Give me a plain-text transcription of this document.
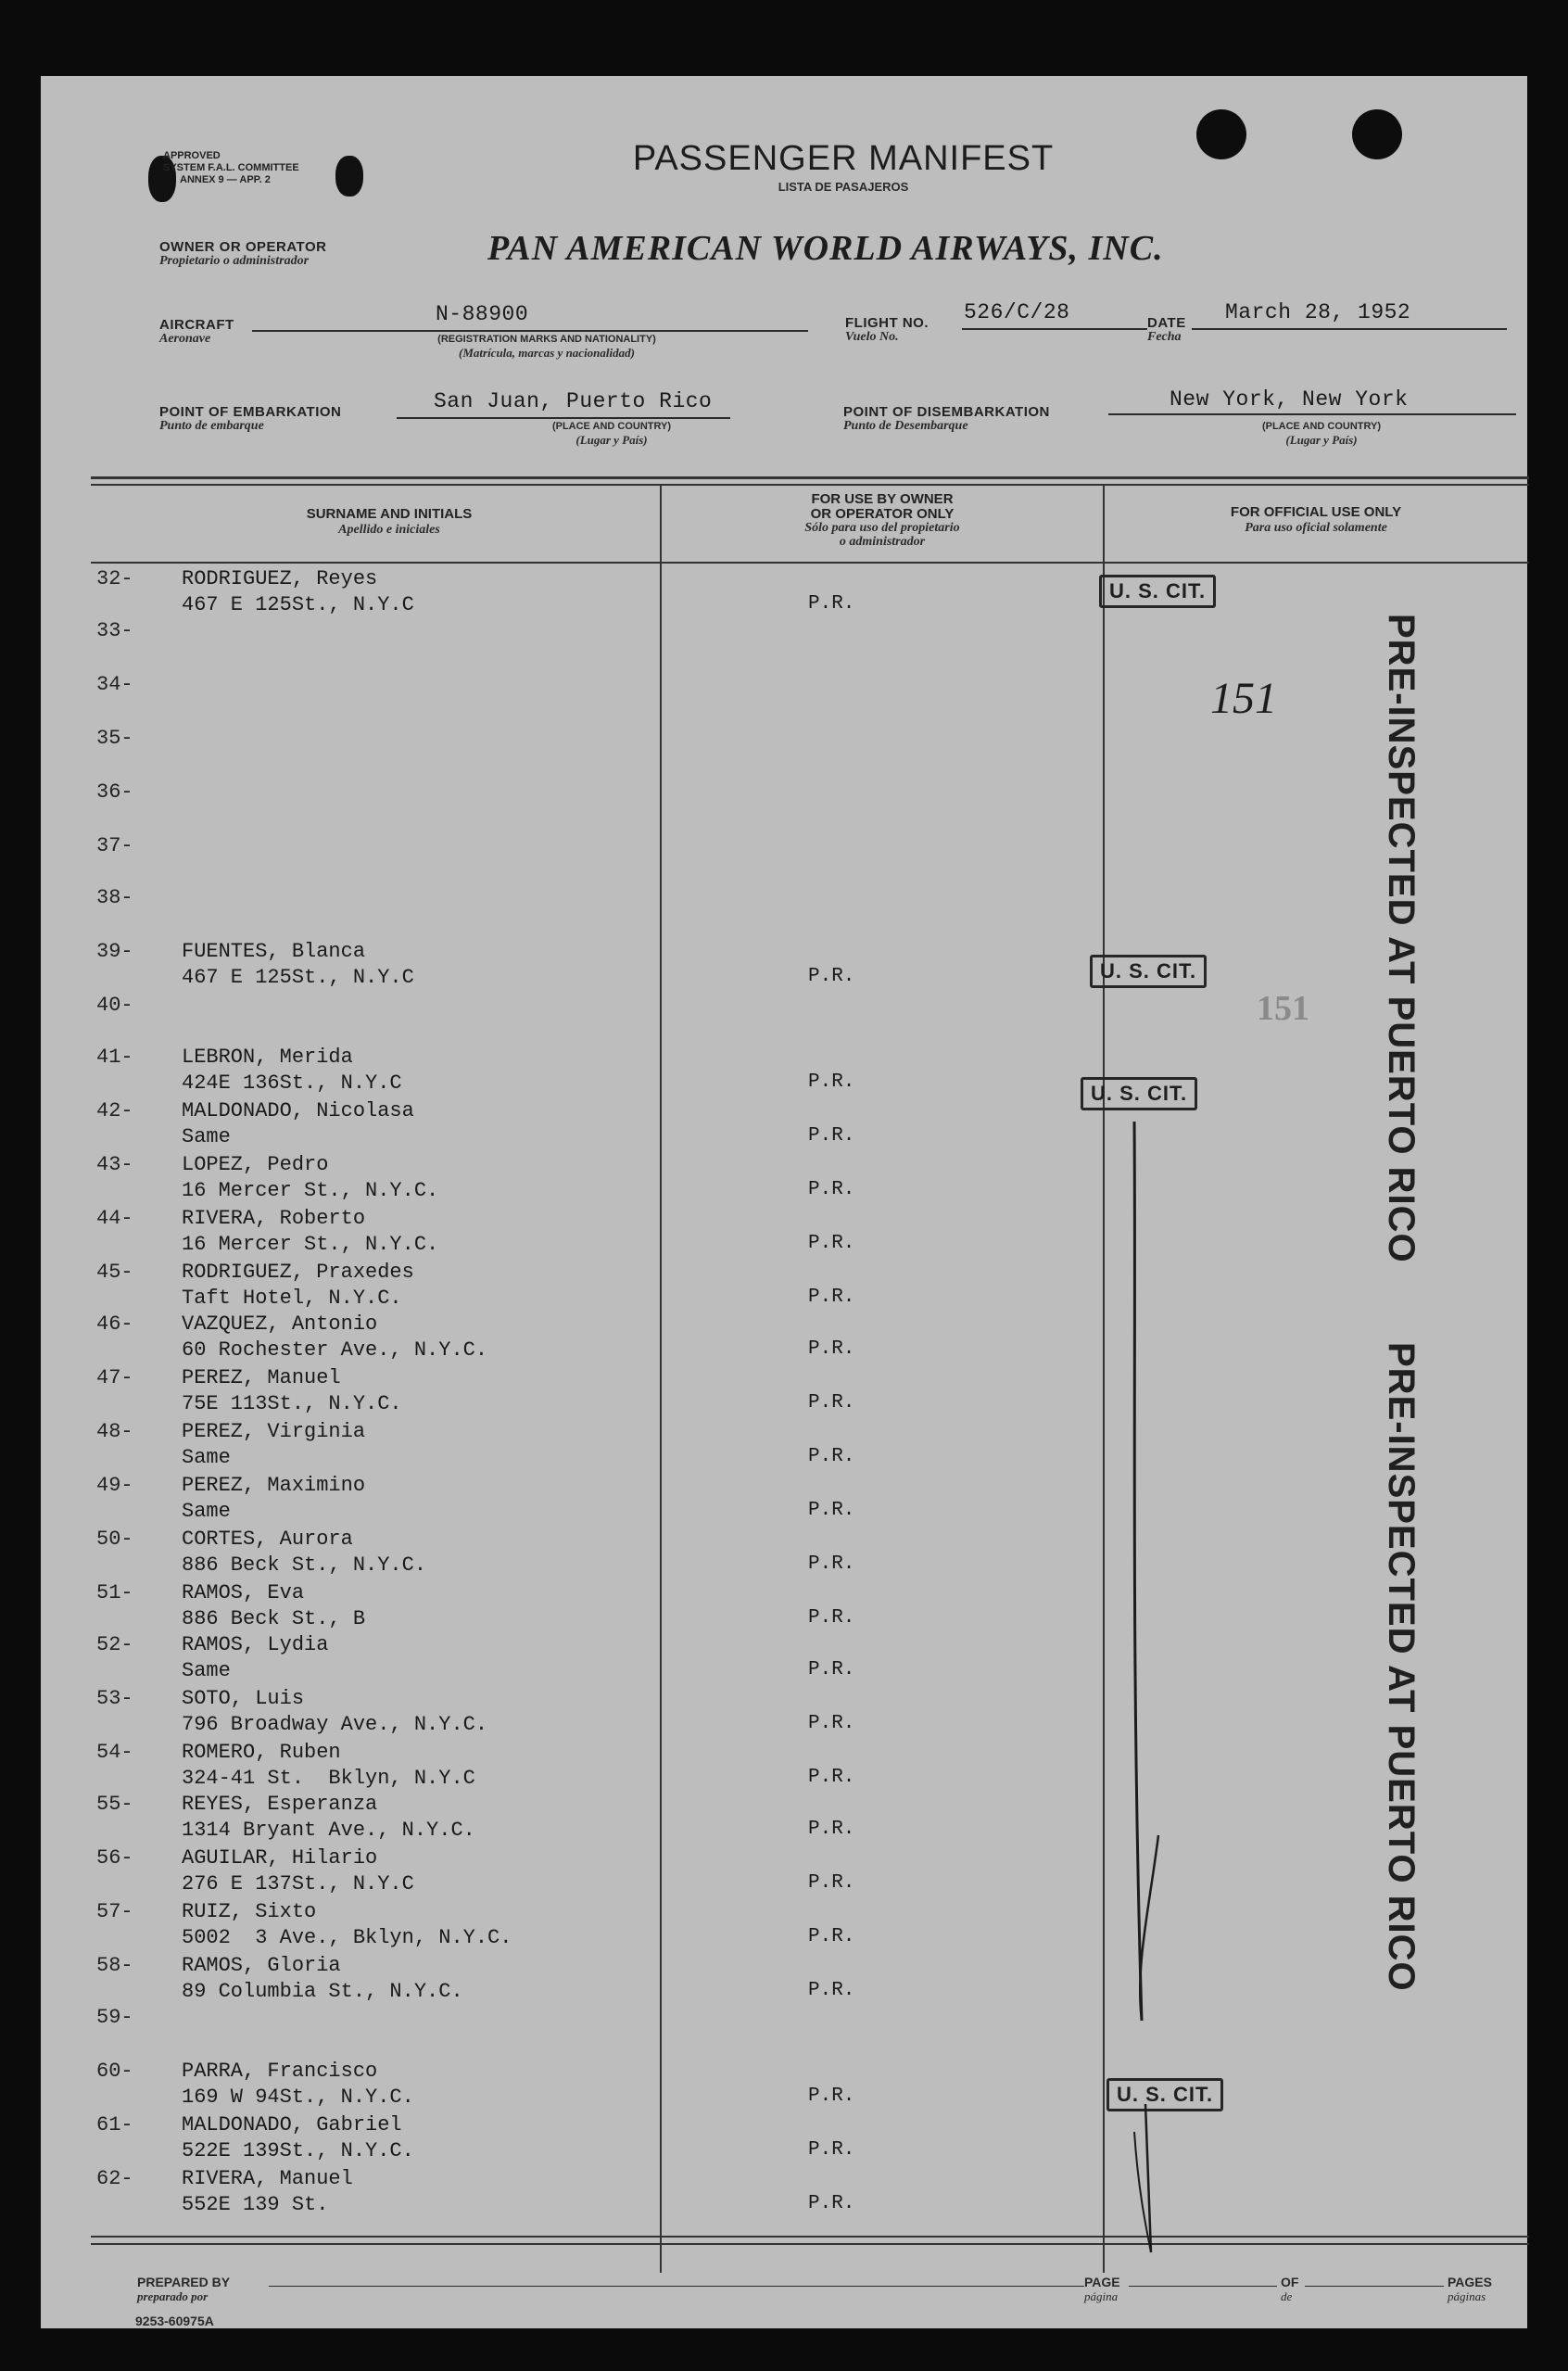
APPROVED
SYSTEM F.A.L. COMMITTEE
ANNEX 9 — APP. 2
PASSENGER MANIFEST
LISTA DE PASAJEROS
OWNER OR OPERATOR
Propietario o administrador	PAN AMERICAN WORLD AIRWAYS, INC.
AIRCRAFT
Aeronave
N-88900
(REGISTRATION MARKS AND NATIONALITY)
(Matrícula, marcas y nacionalidad)
FLIGHT NO.
Vuelo No.
526/C/28	DATE
Fecha
March 28, 1952
POINT OF EMBARKATION
Punto de embarque
San Juan, Puerto Rico
(PLACE AND COUNTRY)
(Lugar y País)
POINT OF DISEMBARKATION
Punto de Desembarque
New York, New York
(PLACE AND COUNTRY)
(Lugar y País)
SURNAME AND INITIALS
Apellido e iniciales
FOR USE BY OWNER
OR OPERATOR ONLY
Sólo para uso del propietario
o administrador
FOR OFFICIAL USE ONLY
Para uso oficial solamente
32-	RODRIGUEZ, Reyes
467 E 125St., N.Y.C	P.R.
33-
34-
35-
36-
37-
38-
39-	FUENTES, Blanca
467 E 125St., N.Y.C	P.R.
40-
41-	LEBRON, Merida
424E 136St., N.Y.C	P.R.
42-	MALDONADO, Nicolasa
Same	P.R.
43-	LOPEZ, Pedro
16 Mercer St., N.Y.C.	P.R.
44-	RIVERA, Roberto
16 Mercer St., N.Y.C.	P.R.
45-	RODRIGUEZ, Praxedes
Taft Hotel, N.Y.C.	P.R.
46-	VAZQUEZ, Antonio
60 Rochester Ave., N.Y.C.	P.R.
47-	PEREZ, Manuel
75E 113St., N.Y.C.	P.R.
48-	PEREZ, Virginia
Same	P.R.
49-	PEREZ, Maximino
Same	P.R.
50-	CORTES, Aurora
886 Beck St., N.Y.C.	P.R.
51-	RAMOS, Eva
886 Beck St., B	P.R.
52-	RAMOS, Lydia
Same	P.R.
53-	SOTO, Luis
796 Broadway Ave., N.Y.C.	P.R.
54-	ROMERO, Ruben
324-41 St.  Bklyn, N.Y.C	P.R.
55-	REYES, Esperanza
1314 Bryant Ave., N.Y.C.	P.R.
56-	AGUILAR, Hilario
276 E 137St., N.Y.C	P.R.
57-	RUIZ, Sixto
5002  3 Ave., Bklyn, N.Y.C.	P.R.
58-	RAMOS, Gloria
89 Columbia St., N.Y.C.	P.R.
59-
60-	PARRA, Francisco
169 W 94St., N.Y.C.	P.R.
61-	MALDONADO, Gabriel
522E 139St., N.Y.C.	P.R.
62-	RIVERA, Manuel
552E 139 St.	P.R.
U. S. CIT.
U. S. CIT.
U. S. CIT.
U. S. CIT.
151
151 PRE-INSPECTED AT PUERTO RICO
PRE-INSPECTED AT PUERTO RICO
PREPARED BY
preparado por
PAGE
página
OF
de
PAGES
páginas
9253-60975A
